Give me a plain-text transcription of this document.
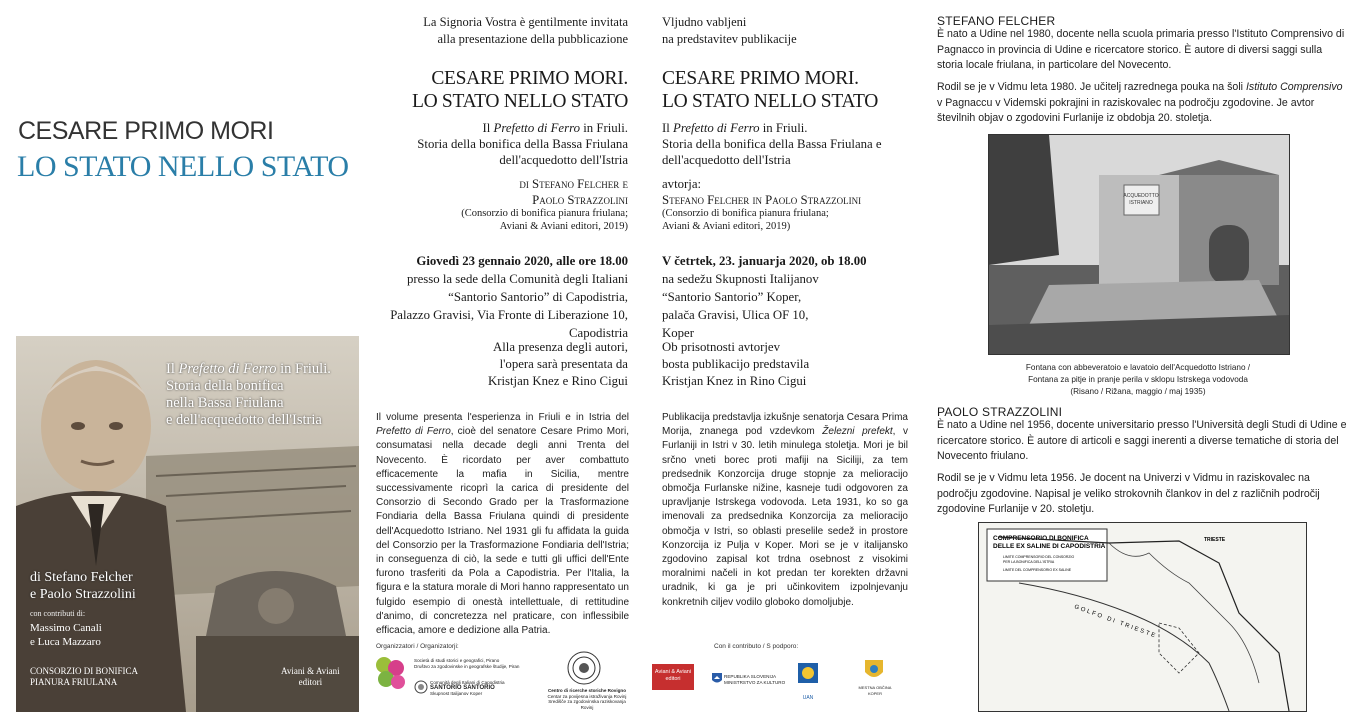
CESARE PRIMO MORI
LO STATO NELLO STATO
Il Prefetto di Ferro in Friuli.
Storia della bonifica
nella Bassa Friulana
e dell'acquedotto dell'Istria
di Stefano Felcher
e Paolo Strazzolini
con contributi di:
Massimo Canali
e Luca Mazzaro
CONSORZIO DI BONIFICA
PIANURA FRIULANA
Aviani & Aviani
editori
La Signoria Vostra è gentilmente invitata
alla presentazione della pubblicazione
CESARE PRIMO MORI.
LO STATO NELLO STATO
Il Prefetto di Ferro in Friuli.
Storia della bonifica della Bassa Friulana
dell'acquedotto dell'Istria
di Stefano Felcher e
Paolo Strazzolini
(Consorzio di bonifica pianura friulana;
Aviani & Aviani editori, 2019)
Giovedì 23 gennaio 2020, alle ore 18.00
presso la sede della Comunità degli Italiani
“Santorio Santorio” di Capodistria,
Palazzo Gravisi, Via Fronte di Liberazione 10,
Capodistria
Alla presenza degli autori,
l'opera sarà presentata da
Kristjan Knez e Rino Cigui
Il volume presenta l'esperienza in Friuli e in Istria del Prefetto di Ferro, cioè del senatore Cesare Primo Mori, consumatasi nella decade degli anni Trenta del Novecento. È ricordato per aver combattuto efficacemente la mafia in Sicilia, mentre successivamente ricoprì la carica di presidente del Consorzio di Secondo Grado per la Trasformazione Fondiaria della Bassa Friulana quindi di presidente dell'Acquedotto Istriano. Nel 1931 gli fu affidata la guida del Consorzio per la Trasformazione Fondiaria dell'Istria; in conseguenza di ciò, la sede e tutti gli uffici dell'Ente furono trasferiti da Pola a Capodistria. Per l'Italia, la figura e la statura morale di Mori hanno rappresentato un fulgido esempio di onestà intellettuale, di rettitudine d'animo, di concretezza nel praticare, con inflessibile efficacia, amore e dedizione alla Patria.
Organizzatori / Organizatorji:
Società di studi storici e geografici, Pirano
Društvo za zgodovinske in geografske študije, Piran
Comunità degli Italiani di Capodistria
SANTORIO SANTORIO
Skupnost Italijanov Koper
Centro di ricerche storiche Rovigno
Centar za povijesna istraživanja Rovinj
Središče za zgodovinska raziskovanja Rovinj
Vljudno vabljeni
na predstavitev publikacije
CESARE PRIMO MORI.
LO STATO NELLO STATO
Il Prefetto di Ferro in Friuli.
Storia della bonifica della Bassa Friulana e
dell'acquedotto dell'Istria
avtorja:
Stefano Felcher in Paolo Strazzolini
(Consorzio di bonifica pianura friulana;
Aviani & Aviani editori, 2019)
V četrtek, 23. januarja 2020, ob 18.00
na sedežu Skupnosti Italijanov
“Santorio Santorio” Koper,
palača Gravisi, Ulica OF 10,
Koper
Ob prisotnosti avtorjev
bosta publikacijo predstavila
Kristjan Knez in Rino Cigui
Publikacija predstavlja izkušnje senatorja Cesara Prima Morija, znanega pod vzdevkom Železni prefekt, v Furlaniji in Istri v 30. letih minulega stoletja. Mori je bil srčno vneti borec proti mafiji na Siciliji, za tem predsednik Konzorcija druge stopnje za melioracijo območja Furlanske nižine, kasneje tudi odgovoren za upravljanje Istrskega vodovoda. Leta 1931, ko so ga imenovali za predsednika Konzorcija za melioracijo območja v Istri, so oblasti preselile sedež in prostore Konzorcija iz Pulja v Koper. Mori se je v italijansko zgodovino zapisal kot trdna osebnost z visokimi moralnimi načeli in kot predan ter korekten državni uradnik, ki ga je pri učinkovitem izpolnjevanju konkretnih ciljev vodilo globoko domoljubje.
Con il contributo / S podporo:
Aviani & Aviani
editori	REPUBLIKA SLOVENIJA
MINISTRSTVO ZA KULTURO
UAN
MESTNA OBČINA KOPER
STEFANO FELCHER
È nato a Udine nel 1980, docente nella scuola primaria presso l'Istituto Comprensivo di Pagnacco in provincia di Udine e ricercatore storico. È autore di diversi saggi sulla storia locale friulana, in particolare del Novecento.
Rodil se je v Vidmu leta 1980. Je učitelj razrednega pouka na šoli Istituto Comprensivo v Pagnaccu v Videmski pokrajini in raziskovalec na področju zgodovine. Je avtor številnih objav o zgodovini Furlanije iz obdobja 20. stoletja.
ACQUEDOTTO
ISTRIANO
Fontana con abbeveratoio e lavatoio dell'Acquedotto Istriano /
Fontana za pitje in pranje perila v sklopu Istrskega vodovoda
(Risano / Rižana, maggio / maj 1935)
PAOLO STRAZZOLINI
È nato a Udine nel 1956, docente universitario presso l'Università degli Studi di Udine e ricercatore storico. È autore di articoli e saggi inerenti a diverse tematiche di storia del Novecento friulano.
Rodil se je v Vidmu leta 1956. Je docent na Univerzi v Vidmu in raziskovalec na področju zgodovine. Napisal je veliko strokovnih člankov in del z različnih področij zgodovine Furlanije v 20. stoletju.
COMPRENSORIO DI BONIFICA
DELLE EX SALINE DI CAPODISTRIA
LIMITE COMPRENSORIO DEL CONSORZIO
PER LA BONIFICA DELL'ISTRIA
LIMITE DEL COMPRENSORIO EX SALINE
GOLFO DI TRIESTE
TRIESTE
